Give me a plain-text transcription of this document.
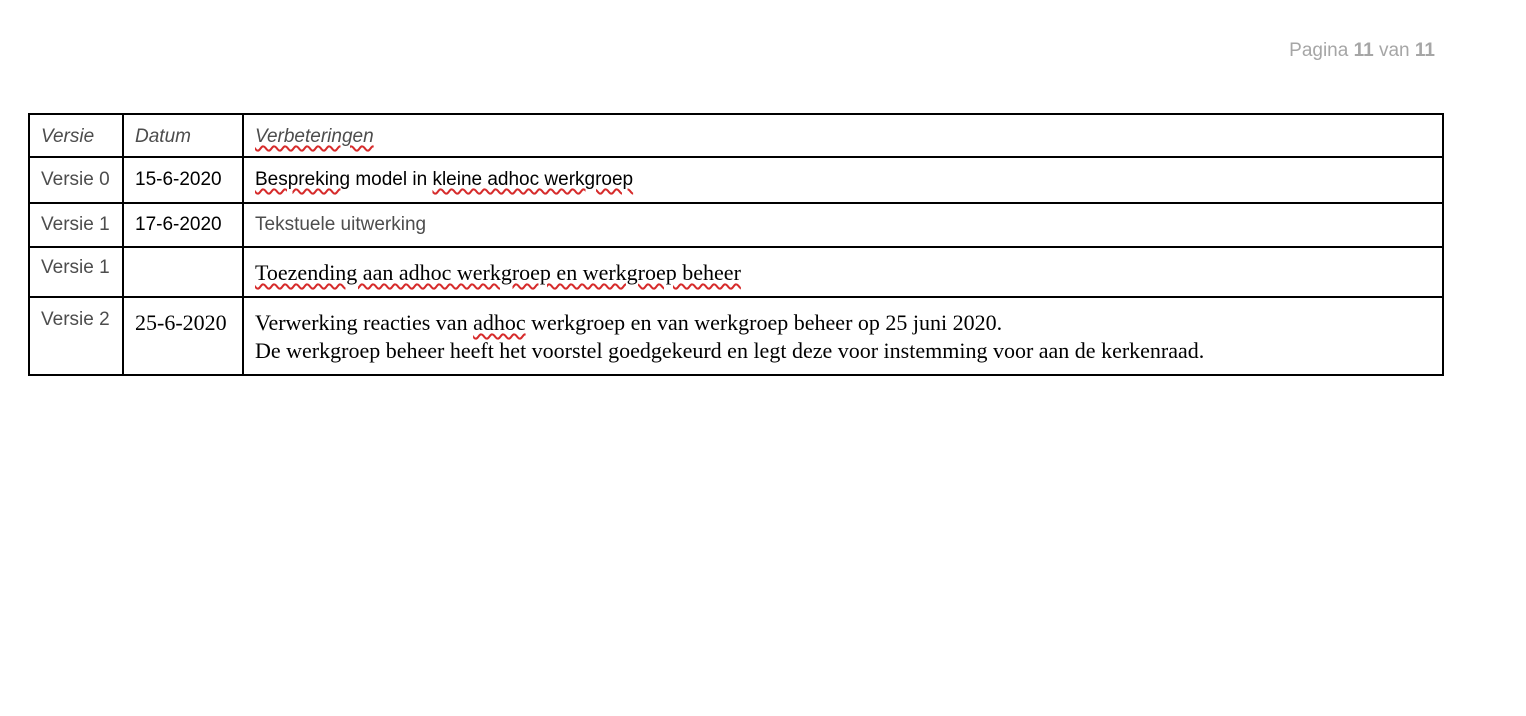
Pagina 11 van 11
Versie	Datum	Verbeteringen

Versie 0	15-6-2020	Bespreking model in kleine adhoc werkgroep

Versie 1	17-6-2020	Tekstuele uitwerking

Versie 1		Toezending aan adhoc werkgroep en werkgroep beheer

Versie 2	25-6-2020	Verwerking reacties van adhoc werkgroep en van werkgroep beheer op 25 juni 2020.
De werkgroep beheer heeft het voorstel goedgekeurd en legt deze voor instemming voor aan de kerkenraad.
